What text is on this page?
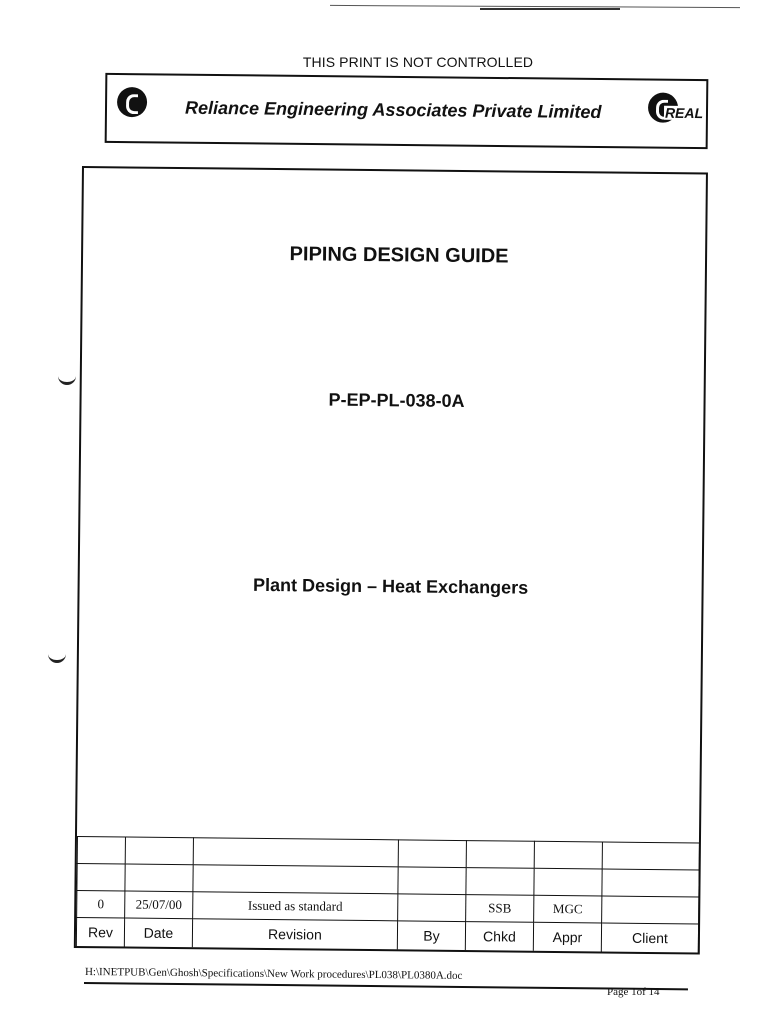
THIS PRINT IS NOT CONTROLLED
Reliance Engineering Associates Private Limited	REAL
PIPING DESIGN GUIDE
P-EP-PL-038-0A
Plant Design – Heat Exchangers

0	25/07/00	Issued as standard		SSB	MGC	
Rev	Date	Revision	By	Chkd	Appr	Client
H:\INETPUB\Gen\Ghosh\Specifications\New Work procedures\PL038\PL0380A.doc
Page 1of 14
